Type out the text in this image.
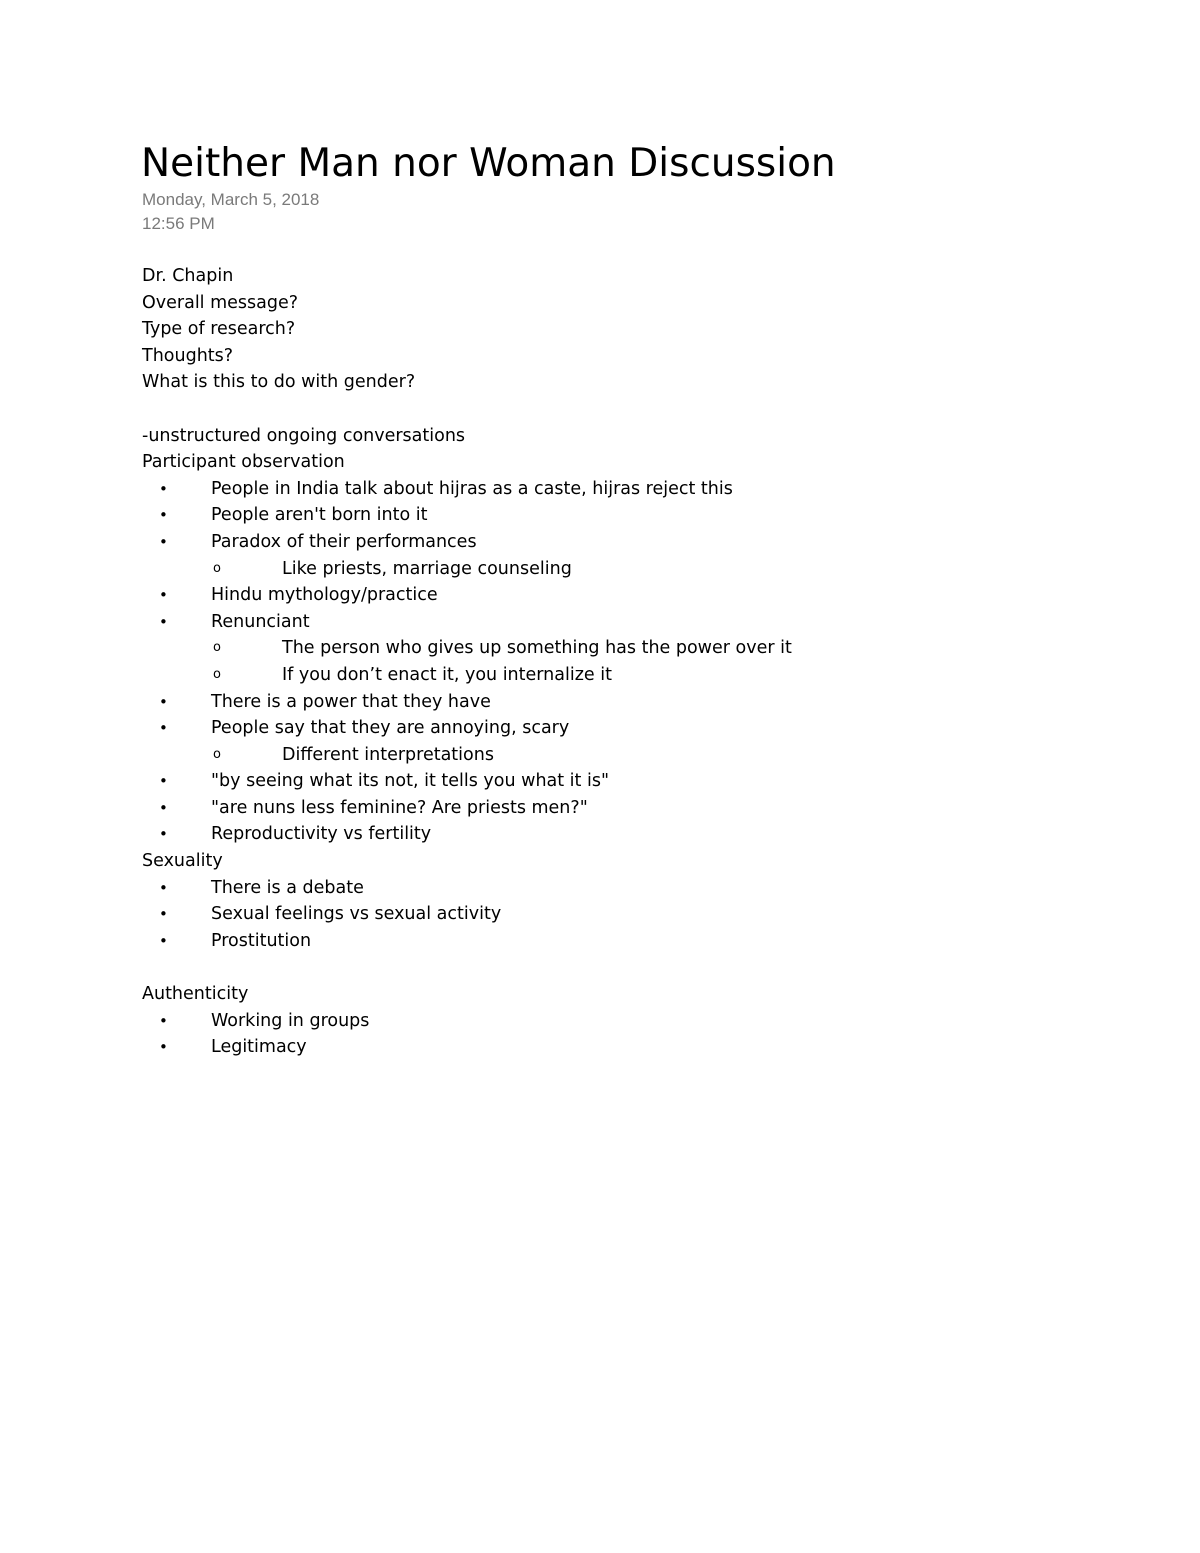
Neither Man nor Woman Discussion
Monday, March 5, 2018
12:56 PM
Dr. Chapin
Overall message?
Type of research?
Thoughts?
What is this to do with gender?
-unstructured ongoing conversations
Participant observation
• People in India talk about hijras as a caste, hijras reject this
• People aren't born into it
• Paradox of their performances
o	Like priests, marriage counseling
• Hindu mythology/practice
• Renunciant
o	The person who gives up something has the power over it
o	If you don’t enact it, you internalize it
• There is a power that they have
• People say that they are annoying, scary
o	Different interpretations
• "by seeing what its not, it tells you what it is"
• "are nuns less feminine? Are priests men?"
• Reproductivity vs fertility
Sexuality
• There is a debate
• Sexual feelings vs sexual activity
• Prostitution
Authenticity
• Working in groups
• Legitimacy
